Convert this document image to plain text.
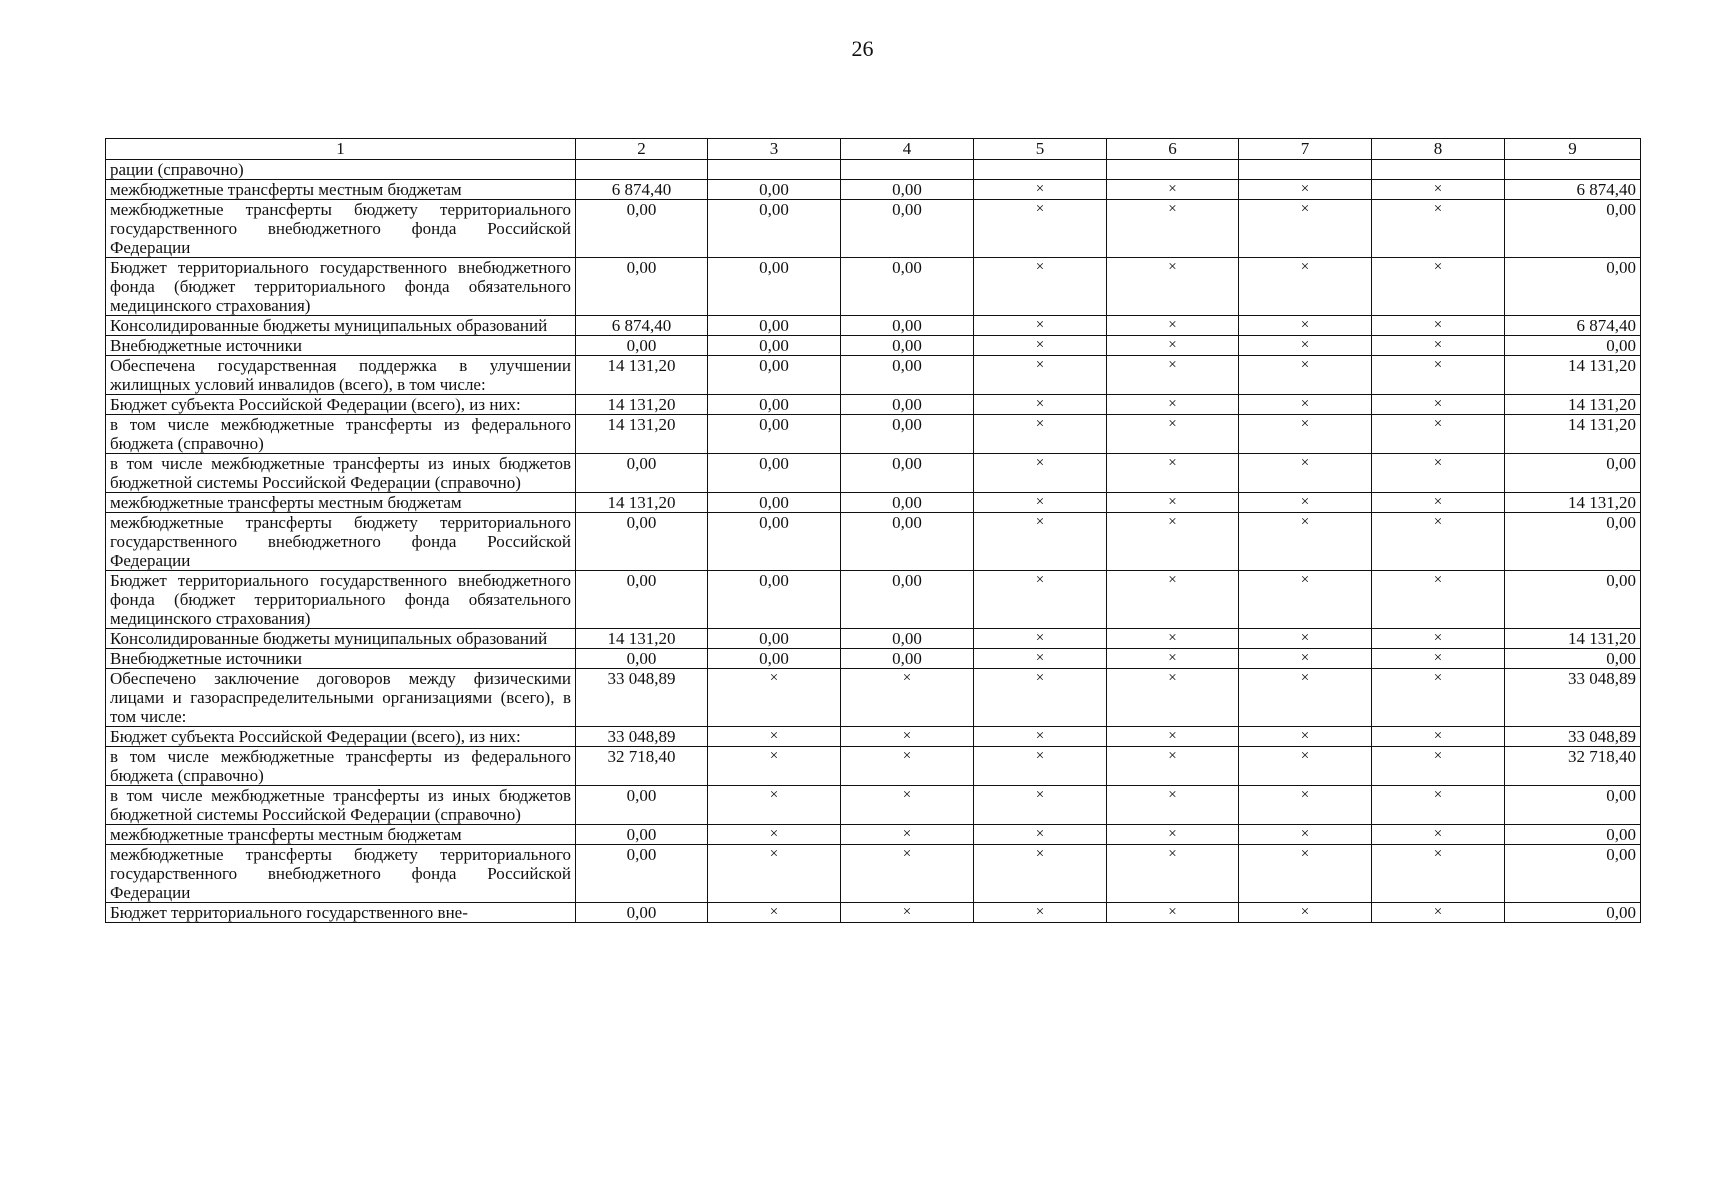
26
1	2	3	4	5	6	7	8	9
рации (справочно)								
межбюджетные трансферты местным бюджетам	6 874,40	0,00	0,00	×	×	×	×	6 874,40
межбюджетные трансферты бюджету территориального государственного внебюджетного фонда Российской Федерации	0,00	0,00	0,00	×	×	×	×	0,00
Бюджет территориального государственного внебюджетного фонда (бюджет территориального фонда обязательного медицинского страхования)	0,00	0,00	0,00	×	×	×	×	0,00
Консолидированные бюджеты муниципальных образований	6 874,40	0,00	0,00	×	×	×	×	6 874,40
Внебюджетные источники	0,00	0,00	0,00	×	×	×	×	0,00
Обеспечена государственная поддержка в улучшении жилищных условий инвалидов (всего), в том числе:	14 131,20	0,00	0,00	×	×	×	×	14 131,20
Бюджет субъекта Российской Федерации (всего), из них:	14 131,20	0,00	0,00	×	×	×	×	14 131,20
в том числе межбюджетные трансферты из федерального бюджета (справочно)	14 131,20	0,00	0,00	×	×	×	×	14 131,20
в том числе межбюджетные трансферты из иных бюджетов бюджетной системы Российской Федерации (справочно)	0,00	0,00	0,00	×	×	×	×	0,00
межбюджетные трансферты местным бюджетам	14 131,20	0,00	0,00	×	×	×	×	14 131,20
межбюджетные трансферты бюджету территориального государственного внебюджетного фонда Российской Федерации	0,00	0,00	0,00	×	×	×	×	0,00
Бюджет территориального государственного внебюджетного фонда (бюджет территориального фонда обязательного медицинского страхования)	0,00	0,00	0,00	×	×	×	×	0,00
Консолидированные бюджеты муниципальных образований	14 131,20	0,00	0,00	×	×	×	×	14 131,20
Внебюджетные источники	0,00	0,00	0,00	×	×	×	×	0,00
Обеспечено заключение договоров между физическими лицами и газораспределительными организациями (всего), в том числе:	33 048,89	×	×	×	×	×	×	33 048,89
Бюджет субъекта Российской Федерации (всего), из них:	33 048,89	×	×	×	×	×	×	33 048,89
в том числе межбюджетные трансферты из федерального бюджета (справочно)	32 718,40	×	×	×	×	×	×	32 718,40
в том числе межбюджетные трансферты из иных бюджетов бюджетной системы Российской Федерации (справочно)	0,00	×	×	×	×	×	×	0,00
межбюджетные трансферты местным бюджетам	0,00	×	×	×	×	×	×	0,00
межбюджетные трансферты бюджету территориального государственного внебюджетного фонда Российской Федерации	0,00	×	×	×	×	×	×	0,00
Бюджет территориального государственного вне-	0,00	×	×	×	×	×	×	0,00
